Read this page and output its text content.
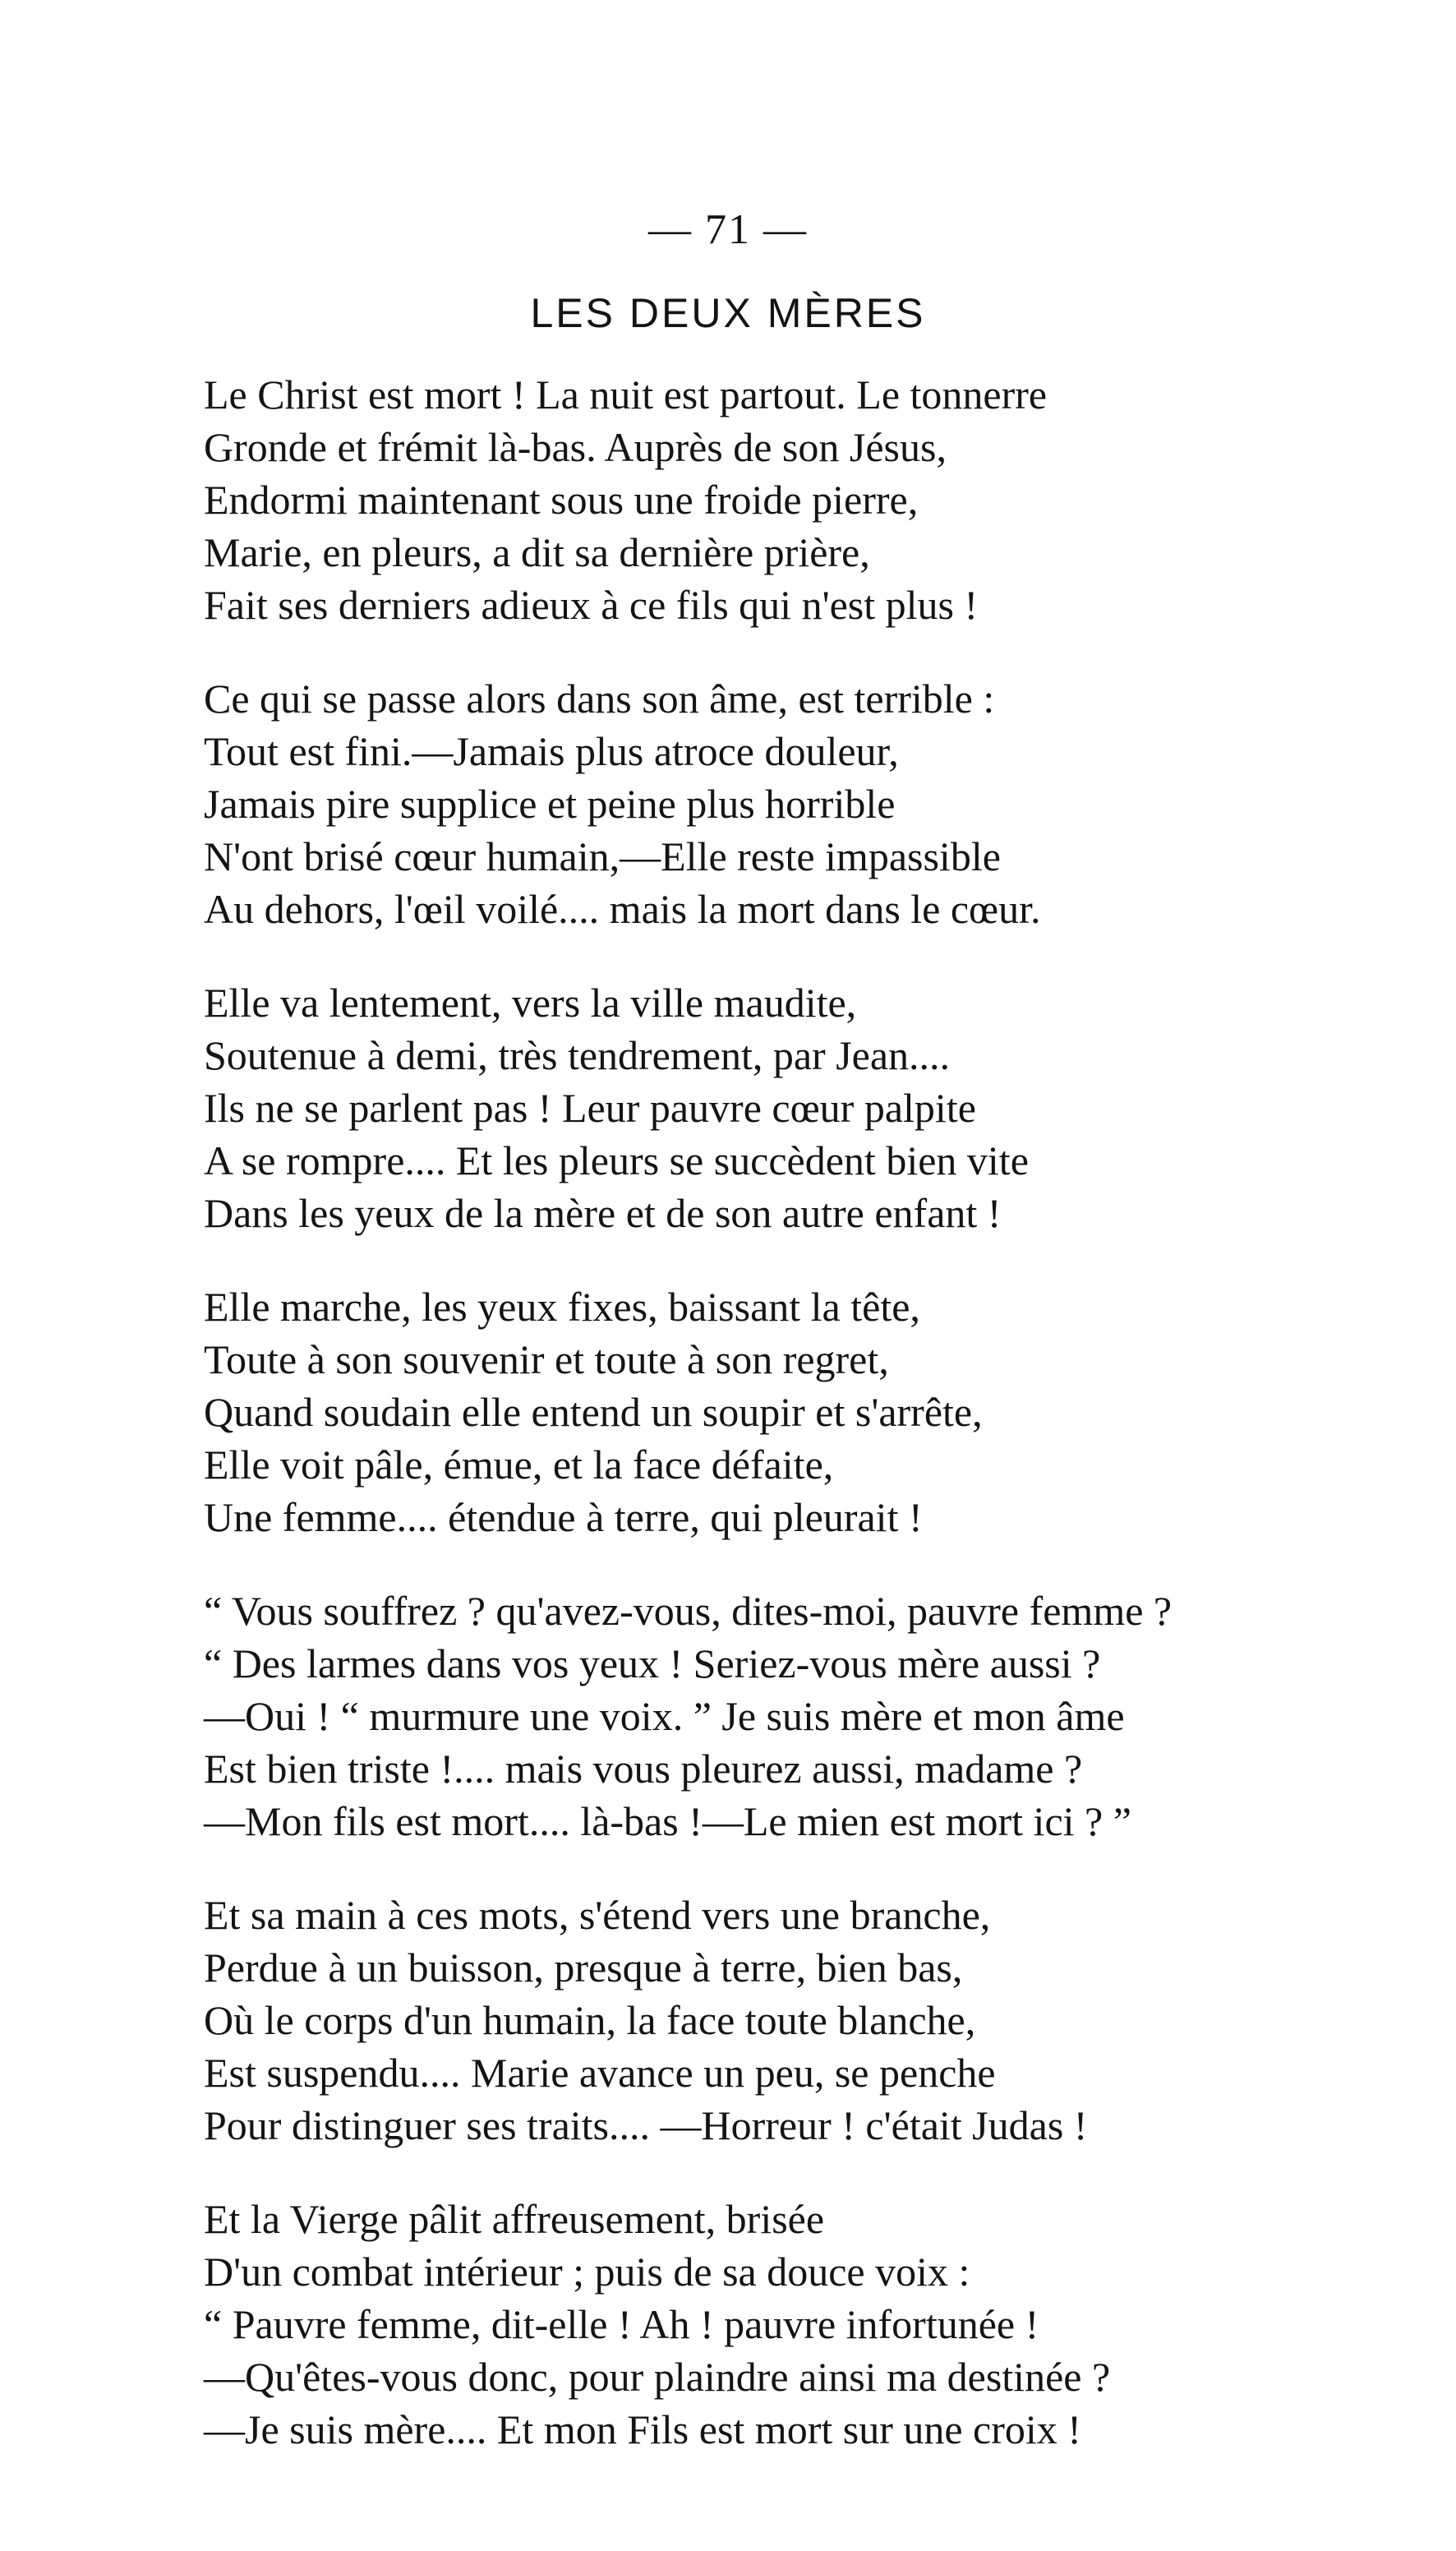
— 71 —
LES DEUX MÈRES
Le Christ est mort ! La nuit est partout. Le tonnerre
Gronde et frémit là-bas. Auprès de son Jésus,
Endormi maintenant sous une froide pierre,
Marie, en pleurs, a dit sa dernière prière,
Fait ses derniers adieux à ce fils qui n'est plus !
Ce qui se passe alors dans son âme, est terrible :
Tout est fini.—Jamais plus atroce douleur,
Jamais pire supplice et peine plus horrible
N'ont brisé cœur humain,—Elle reste impassible
Au dehors, l'œil voilé.... mais la mort dans le cœur.
Elle va lentement, vers la ville maudite,
Soutenue à demi, très tendrement, par Jean....
Ils ne se parlent pas ! Leur pauvre cœur palpite
A se rompre.... Et les pleurs se succèdent bien vite
Dans les yeux de la mère et de son autre enfant !
Elle marche, les yeux fixes, baissant la tête,
Toute à son souvenir et toute à son regret,
Quand soudain elle entend un soupir et s'arrête,
Elle voit pâle, émue, et la face défaite,
Une femme.... étendue à terre, qui pleurait !
“ Vous souffrez ? qu'avez-vous, dites-moi, pauvre femme ?
“ Des larmes dans vos yeux ! Seriez-vous mère aussi ?
—Oui ! “ murmure une voix. ” Je suis mère et mon âme
Est bien triste !.... mais vous pleurez aussi, madame ?
—Mon fils est mort.... là-bas !—Le mien est mort ici ? ”
Et sa main à ces mots, s'étend vers une branche,
Perdue à un buisson, presque à terre, bien bas,
Où le corps d'un humain, la face toute blanche,
Est suspendu.... Marie avance un peu, se penche
Pour distinguer ses traits.... —Horreur ! c'était Judas !
Et la Vierge pâlit affreusement, brisée
D'un combat intérieur ; puis de sa douce voix :
“ Pauvre femme, dit-elle ! Ah ! pauvre infortunée !
—Qu'êtes-vous donc, pour plaindre ainsi ma destinée ?
—Je suis mère.... Et mon Fils est mort sur une croix !
